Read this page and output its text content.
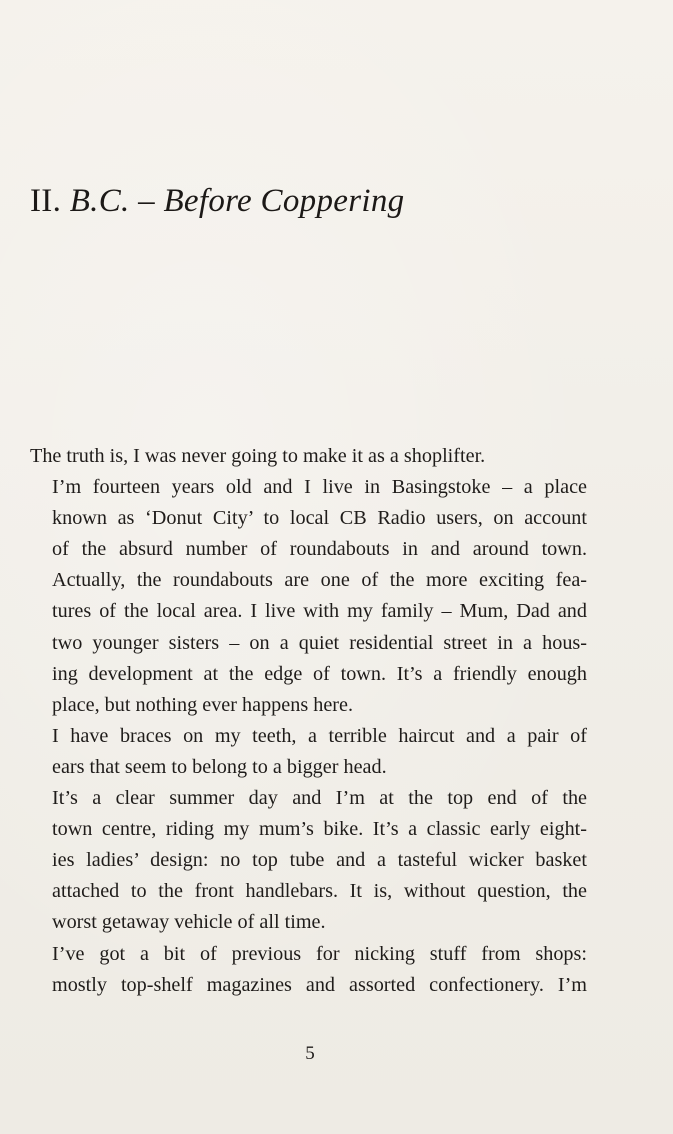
II. B.C. – Before Coppering

The truth is, I was never going to make it as a shoplifter.

I’m fourteen years old and I live in Basingstoke – a place
known as ‘Donut City’ to local CB Radio users, on account
of the absurd number of roundabouts in and around town.
Actually, the roundabouts are one of the more exciting fea-
tures of the local area. I live with my family – Mum, Dad and
two younger sisters – on a quiet residential street in a hous-
ing development at the edge of town. It’s a friendly enough
place, but nothing ever happens here.

I have braces on my teeth, a terrible haircut and a pair of
ears that seem to belong to a bigger head.

It’s a clear summer day and I’m at the top end of the
town centre, riding my mum’s bike. It’s a classic early eight-
ies ladies’ design: no top tube and a tasteful wicker basket
attached to the front handlebars. It is, without question, the
worst getaway vehicle of all time.

I’ve got a bit of previous for nicking stuff from shops:
mostly top-shelf magazines and assorted confectionery. I’m

5
